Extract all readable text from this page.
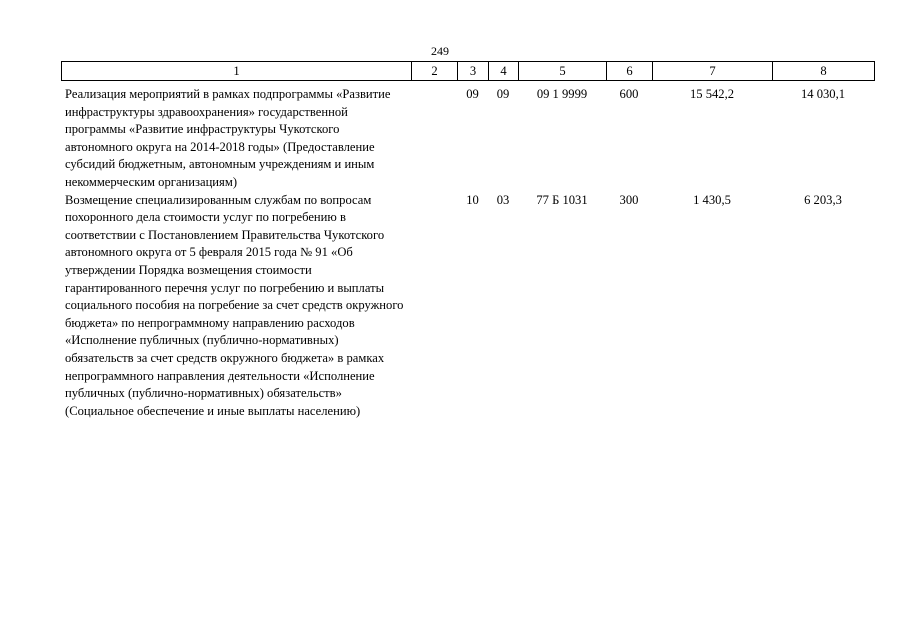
249
1	2	3	4	5	6	7	8
Реализация мероприятий в рамках подпрограммы «Развитие инфраструктуры здравоохранения» государственной программы «Развитие инфраструктуры Чукотского автономного округа на 2014-2018 годы» (Предоставление субсидий бюджетным, автономным учреждениям и иным некоммерческим организациям)		09	09	09 1 9999	600	15 542,2	14 030,1
Возмещение специализированным службам по вопросам похоронного дела стоимости услуг по погребению в соответствии с Постановлением Правительства Чукотского автономного округа от 5 февраля 2015 года № 91 «Об утверждении Порядка возмещения стоимости гарантированного перечня услуг по погребению и выплаты социального пособия на погребение за счет средств окружного бюджета» по непрограммному направлению расходов «Исполнение публичных (публично-нормативных) обязательств за счет средств окружного бюджета» в рамках непрограммного направления деятельности «Исполнение публичных (публично-нормативных) обязательств» (Социальное обеспечение и иные выплаты населению)		10	03	77 Б 1031	300	1 430,5	6 203,3
